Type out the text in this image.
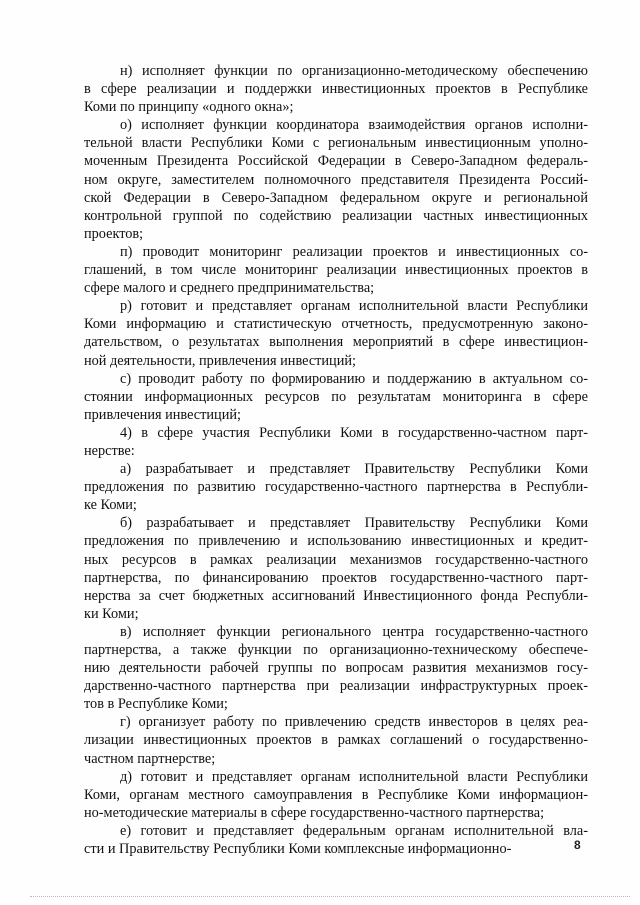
н) исполняет функции по организационно-методическому обеспечению
в сфере реализации и поддержки инвестиционных проектов в Республике
Коми по принципу «одного окна»;
о) исполняет функции координатора взаимодействия органов исполни-
тельной власти Республики Коми с региональным инвестиционным уполно-
моченным Президента Российской Федерации в Северо-Западном федераль-
ном округе, заместителем полномочного представителя Президента Россий-
ской Федерации в Северо-Западном федеральном округе и региональной
контрольной группой по содействию реализации частных инвестиционных
проектов;
п) проводит мониторинг реализации проектов и инвестиционных со-
глашений, в том числе мониторинг реализации инвестиционных проектов в
сфере малого и среднего предпринимательства;
р) готовит и представляет органам исполнительной власти Республики
Коми информацию и статистическую отчетность, предусмотренную законо-
дательством, о результатах выполнения мероприятий в сфере инвестицион-
ной деятельности, привлечения инвестиций;
с) проводит работу по формированию и поддержанию в актуальном со-
стоянии информационных ресурсов по результатам мониторинга в сфере
привлечения инвестиций;
4) в сфере участия Республики Коми в государственно-частном парт-
нерстве:
а) разрабатывает и представляет Правительству Республики Коми
предложения по развитию государственно-частного партнерства в Республи-
ке Коми;
б) разрабатывает и представляет Правительству Республики Коми
предложения по привлечению и использованию инвестиционных и кредит-
ных ресурсов в рамках реализации механизмов государственно-частного
партнерства, по финансированию проектов государственно-частного парт-
нерства за счет бюджетных ассигнований Инвестиционного фонда Республи-
ки Коми;
в) исполняет функции регионального центра государственно-частного
партнерства, а также функции по организационно-техническому обеспече-
нию деятельности рабочей группы по вопросам развития механизмов госу-
дарственно-частного партнерства при реализации инфраструктурных проек-
тов в Республике Коми;
г) организует работу по привлечению средств инвесторов в целях реа-
лизации инвестиционных проектов в рамках соглашений о государственно-
частном партнерстве;
д) готовит и представляет органам исполнительной власти Республики
Коми, органам местного самоуправления в Республике Коми информацион-
но-методические материалы в сфере государственно-частного партнерства;
е) готовит и представляет федеральным органам исполнительной вла-
сти и Правительству Республики Коми комплексные информационно-	8
